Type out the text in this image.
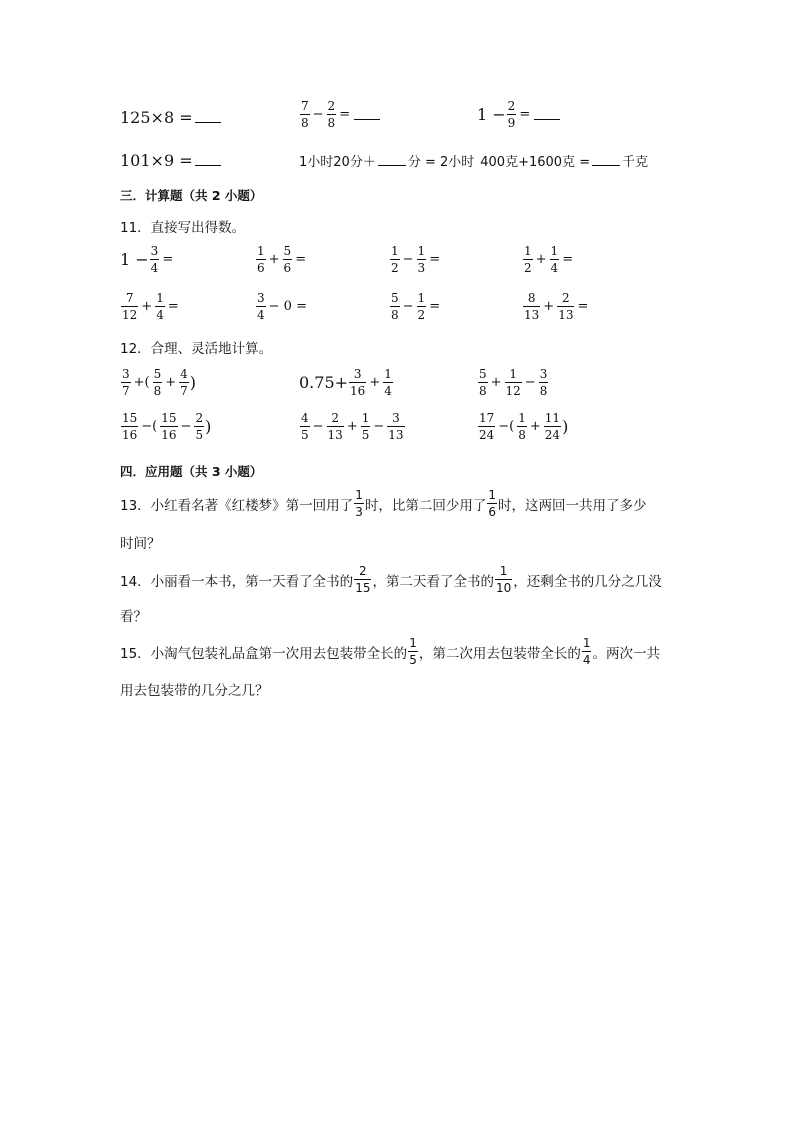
125×8 =	$\frac{7}{8} - \frac{2}{8}$ =	$1 - \frac{2}{9}$ =
101×9 =	1小时20分＋ 分 = 2小时 400克+1600克 = 千克
三．计算题（共 2 小题）
11．直接写出得数。
$1 - \frac{3}{4}$ =	$\frac{1}{6} + \frac{5}{6}$ =	$\frac{1}{2} - \frac{1}{3}$ =	$\frac{1}{2} + \frac{1}{4}$ =
$\frac{7}{12} + \frac{1}{4}$ =	$\frac{3}{4} - 0$ =	$\frac{5}{8} - \frac{1}{2}$ =	$\frac{8}{13} + \frac{2}{13}$ =
12．合理、灵活地计算。
$\frac{3}{7}$ +( $\frac{5}{8} + \frac{4}{7}$ )	$0.75+ \frac{3}{16} + \frac{1}{4}$	$\frac{5}{8} + \frac{1}{12} - \frac{3}{8}$
$\frac{15}{16}$ −( $\frac{15}{16} - \frac{2}{5}$ )	$\frac{4}{5} - \frac{2}{13} + \frac{1}{5} - \frac{3}{13}$	$\frac{17}{24}$ −( $\frac{1}{8} + \frac{11}{24}$ )
四．应用题（共 3 小题）
13．小红看名著《红楼梦》第一回用了 $\frac{1}{3}$ 时，比第二回少用了 $\frac{1}{6}$ 时，这两回一共用了多少
时间？
14．小丽看一本书，第一天看了全书的 $\frac{2}{15}$ ，第二天看了全书的 $\frac{1}{10}$ ，还剩全书的几分之几没
看？
15．小淘气包装礼品盒第一次用去包装带全长的 $\frac{1}{5}$ ，第二次用去包装带全长的 $\frac{1}{4}$ 。两次一共
用去包装带的几分之几？
